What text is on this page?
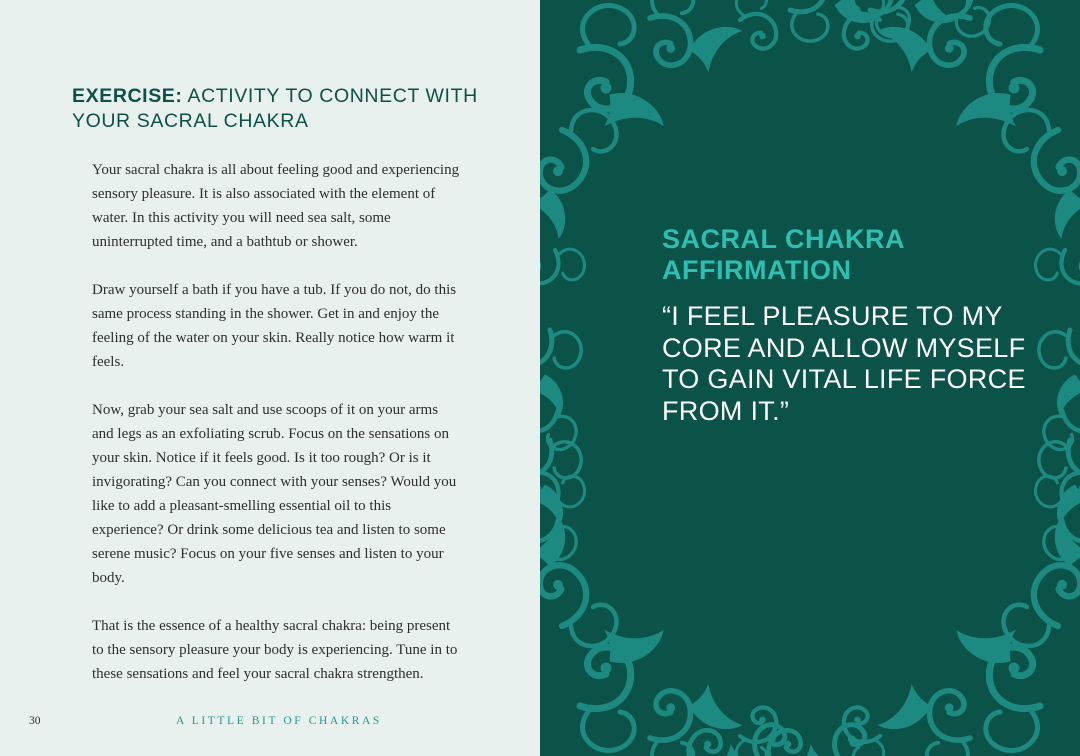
EXERCISE: ACTIVITY TO CONNECT WITH YOUR SACRAL CHAKRA

Your sacral chakra is all about feeling good and experiencing sensory pleasure. It is also associated with the element of water. In this activity you will need sea salt, some uninterrupted time, and a bathtub or shower.

Draw yourself a bath if you have a tub. If you do not, do this same process standing in the shower. Get in and enjoy the feeling of the water on your skin. Really notice how warm it feels.

Now, grab your sea salt and use scoops of it on your arms and legs as an exfoliating scrub. Focus on the sensations on your skin. Notice if it feels good. Is it too rough? Or is it invigorating? Can you connect with your senses? Would you like to add a pleasant-smelling essential oil to this experience? Or drink some delicious tea and listen to some serene music? Focus on your five senses and listen to your body.

That is the essence of a healthy sacral chakra: being present to the sensory pleasure your body is experiencing. Tune in to these sensations and feel your sacral chakra strengthen.

30	A LITTLE BIT OF CHAKRAS
SACRAL CHAKRA AFFIRMATION

“I FEEL PLEASURE TO MY CORE AND ALLOW MYSELF TO GAIN VITAL LIFE FORCE FROM IT.”
